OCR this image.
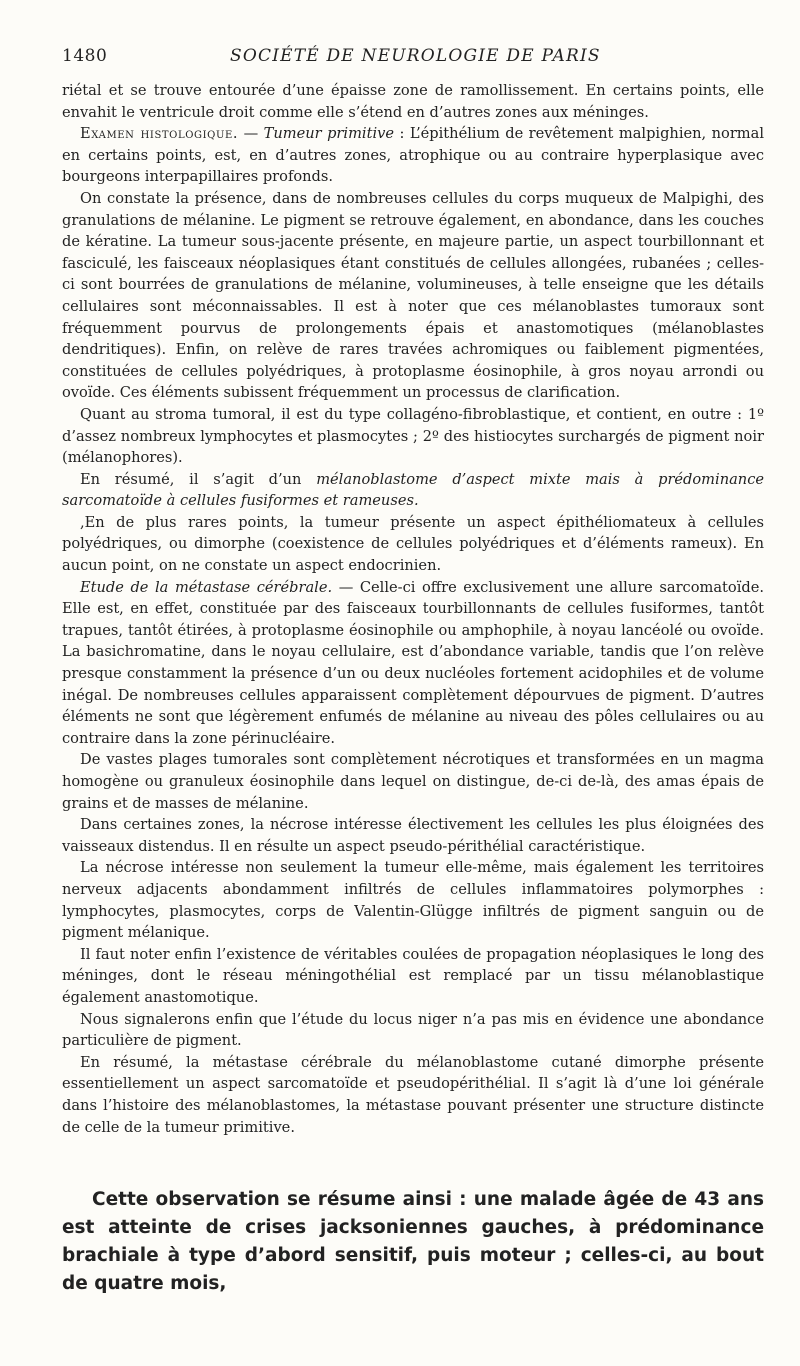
1480	SOCIÉTÉ DE NEUROLOGIE DE PARIS

riétal et se trouve entourée d’une épaisse zone de ramollissement. En certains points, elle envahit le ventricule droit comme elle s’étend en d’autres zones aux méninges.

Examen histologique. — Tumeur primitive : L’épithélium de revêtement malpighien, normal en certains points, est, en d’autres zones, atrophique ou au contraire hyperplasique avec bourgeons interpapillaires profonds.

On constate la présence, dans de nombreuses cellules du corps muqueux de Malpighi, des granulations de mélanine. Le pigment se retrouve également, en abondance, dans les couches de kératine. La tumeur sous-jacente présente, en majeure partie, un aspect tourbillonnant et fasciculé, les faisceaux néoplasiques étant constitués de cellules allongées, rubanées ; celles-ci sont bourrées de granulations de mélanine, volumineuses, à telle enseigne que les détails cellulaires sont méconnaissables. Il est à noter que ces mélanoblastes tumoraux sont fréquemment pourvus de prolongements épais et anastomotiques (mélanoblastes dendritiques). Enfin, on relève de rares travées achromiques ou faiblement pigmentées, constituées de cellules polyédriques, à protoplasme éosinophile, à gros noyau arrondi ou ovoïde. Ces éléments subissent fréquemment un processus de clarification.

Quant au stroma tumoral, il est du type collagéno-fibroblastique, et contient, en outre : 1º d’assez nombreux lymphocytes et plasmocytes ; 2º des histiocytes surchargés de pigment noir (mélanophores).

En résumé, il s’agit d’un mélanoblastome d’aspect mixte mais à prédominance sarcomatoïde à cellules fusiformes et rameuses.

,En de plus rares points, la tumeur présente un aspect épithéliomateux à cellules polyédriques, ou dimorphe (coexistence de cellules polyédriques et d’éléments rameux). En aucun point, on ne constate un aspect endocrinien.

Etude de la métastase cérébrale. — Celle-ci offre exclusivement une allure sarcomatoïde. Elle est, en effet, constituée par des faisceaux tourbillonnants de cellules fusiformes, tantôt trapues, tantôt étirées, à protoplasme éosinophile ou amphophile, à noyau lancéolé ou ovoïde. La basichromatine, dans le noyau cellulaire, est d’abondance variable, tandis que l’on relève presque constamment la présence d’un ou deux nucléoles fortement acidophiles et de volume inégal. De nombreuses cellules apparaissent complètement dépourvues de pigment. D’autres éléments ne sont que légèrement enfumés de mélanine au niveau des pôles cellulaires ou au contraire dans la zone périnucléaire.

De vastes plages tumorales sont complètement nécrotiques et transformées en un magma homogène ou granuleux éosinophile dans lequel on distingue, de-ci de-là, des amas épais de grains et de masses de mélanine.

Dans certaines zones, la nécrose intéresse électivement les cellules les plus éloignées des vaisseaux distendus. Il en résulte un aspect pseudo-périthélial caractéristique.

La nécrose intéresse non seulement la tumeur elle-même, mais également les territoires nerveux adjacents abondamment infiltrés de cellules inflammatoires polymorphes : lymphocytes, plasmocytes, corps de Valentin-Glügge infiltrés de pigment sanguin ou de pigment mélanique.

Il faut noter enfin l’existence de véritables coulées de propagation néoplasiques le long des méninges, dont le réseau méningothélial est remplacé par un tissu mélanoblastique également anastomotique.

Nous signalerons enfin que l’étude du locus niger n’a pas mis en évidence une abondance particulière de pigment.

En résumé, la métastase cérébrale du mélanoblastome cutané dimorphe présente essentiellement un aspect sarcomatoïde et pseudopérithélial. Il s’agit là d’une loi générale dans l’histoire des mélanoblastomes, la métastase pouvant présenter une structure distincte de celle de la tumeur primitive.

Cette observation se résume ainsi : une malade âgée de 43 ans est atteinte de crises jacksoniennes gauches, à prédominance brachiale à type d’abord sensitif, puis moteur ; celles-ci, au bout de quatre mois,
